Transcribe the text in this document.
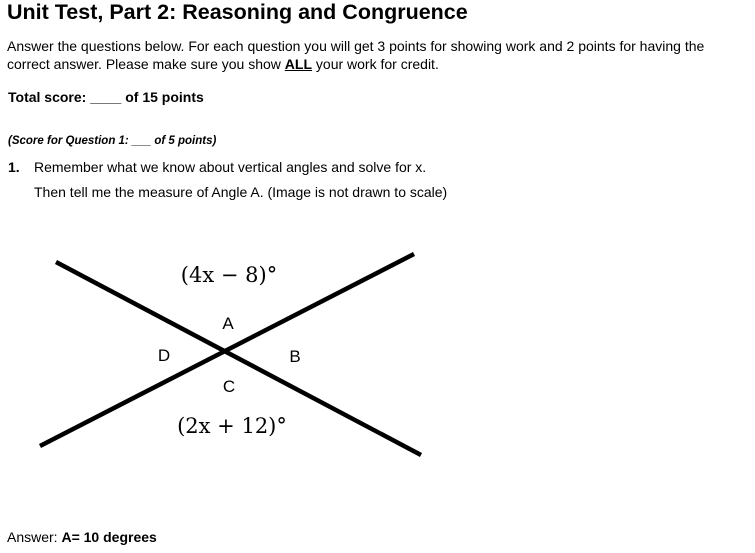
Unit Test, Part 2: Reasoning and Congruence
Answer the questions below. For each question you will get 3 points for showing work and 2 points for having the
correct answer. Please make sure you show ALL your work for credit.
Total score: ____ of 15 points
(Score for Question 1: ___ of 5 points)
1. Remember what we know about vertical angles and solve for x.
Then tell me the measure of Angle A. (Image is not drawn to scale)
(4x − 8)°
(2x + 12)°
A
B
C
D
Answer: A= 10 degrees
